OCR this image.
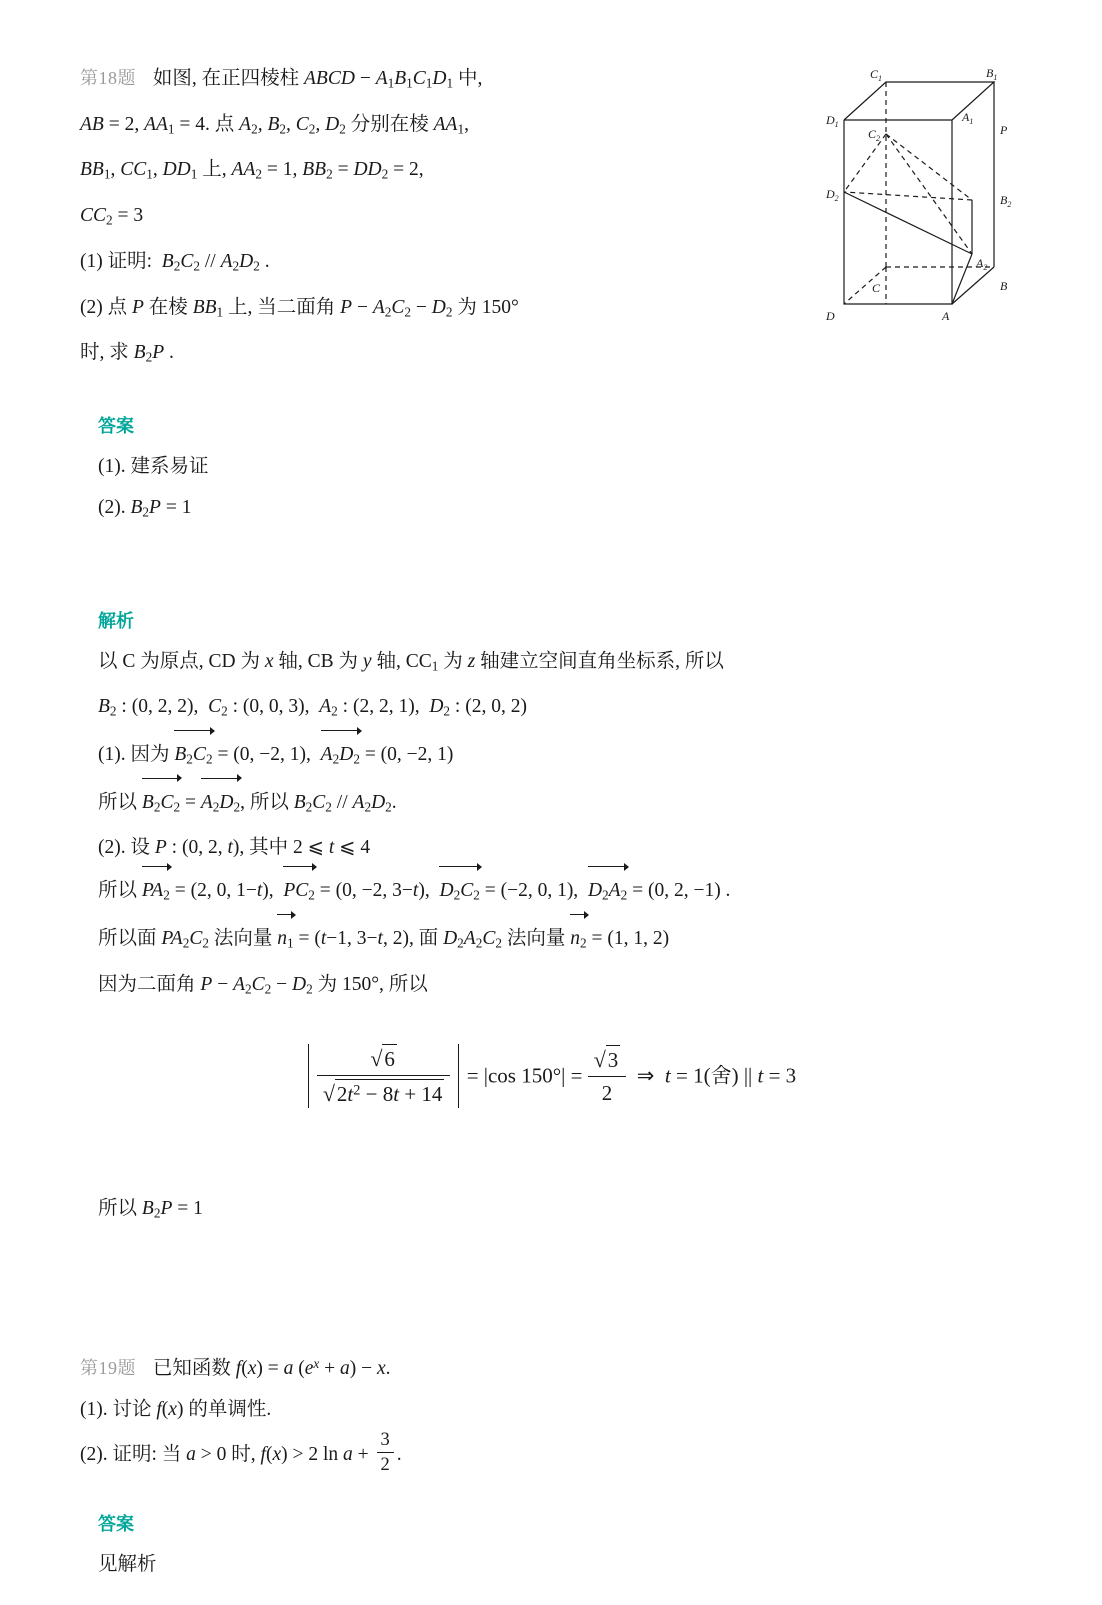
$C_1$	$B_1$
$D_1$
$A_1$
P
$C_2$
$B_2$
$D_2$
$A_2$
C	B
D	A
第18题 如图, 在正四棱柱 ABCD − $A_1B_1C_1D_1$ 中,
AB = 2, $AA_1 = 4$. 点 $A_2$, $B_2$, $C_2$, $D_2$ 分别在棱 $AA_1$,
$BB_1$, $CC_1$, $DD_1$ 上, $AA_2 = 1$, $BB_2 = DD_2 = 2$,
$CC_2 = 3$
(1) 证明:  $B_2C_2 // A_2D_2$ .
(2) 点 P 在棱 $BB_1$ 上, 当二面角 $P - A_2C_2 - D_2$ 为 150°
时, 求 $B_2P$ .
答案
(1). 建系易证
(2). $B_2P = 1$
解析
以 C 为原点, CD 为 x 轴, CB 为 y 轴, $CC_1$ 为 z 轴建立空间直角坐标系, 所以
$B_2$ : (0, 2, 2),  $C_2$ : (0, 0, 3),  $A_2$ : (2, 2, 1),  $D_2$ : (2, 0, 2)
(1). 因为
$B_2C_2 = (0$, −2, 1),
$A_2D_2 = (0$, −2, 1)
所以
$B_2C_2$ =
$A_2D_2$, 所以 $B_2C_2 // A_2D_2$.
(2). 设 P : (0, 2, t), 其中 2 ⩽ t ⩽ 4
所以
$PA_2 = (2$, 0, 1−t),
$PC_2 = (0$, −2, 3−t),
$D_2C_2 = (-2$, 0, 1),
$D_2A_2 = (0$, 2, −1) .
所以面 $PA_2C_2$ 法向量
$n_1 = (t-1$, 3−t, 2), 面 $D_2A_2C_2$ 法向量
$n_2 = (1$, 1, 2)
因为二面角 $P - A_2C_2 - D_2$ 为 150°, 所以
$\frac{√6}{√2t^2 - 8t + 14} = |\cos$ $150^\circ| = \frac{√3}{2}$ ⇒  t = 1(舍) || t = 3
所以 $B_2P = 1$
第19题 已知函数 f(x) = a $(e^x + a) - x$.
(1). 讨论 f(x) 的单调性.
(2). 证明: 当 a > 0 时, f(x) > 2 $\ln a + \frac{3}{2}$ .
答案
见解析
